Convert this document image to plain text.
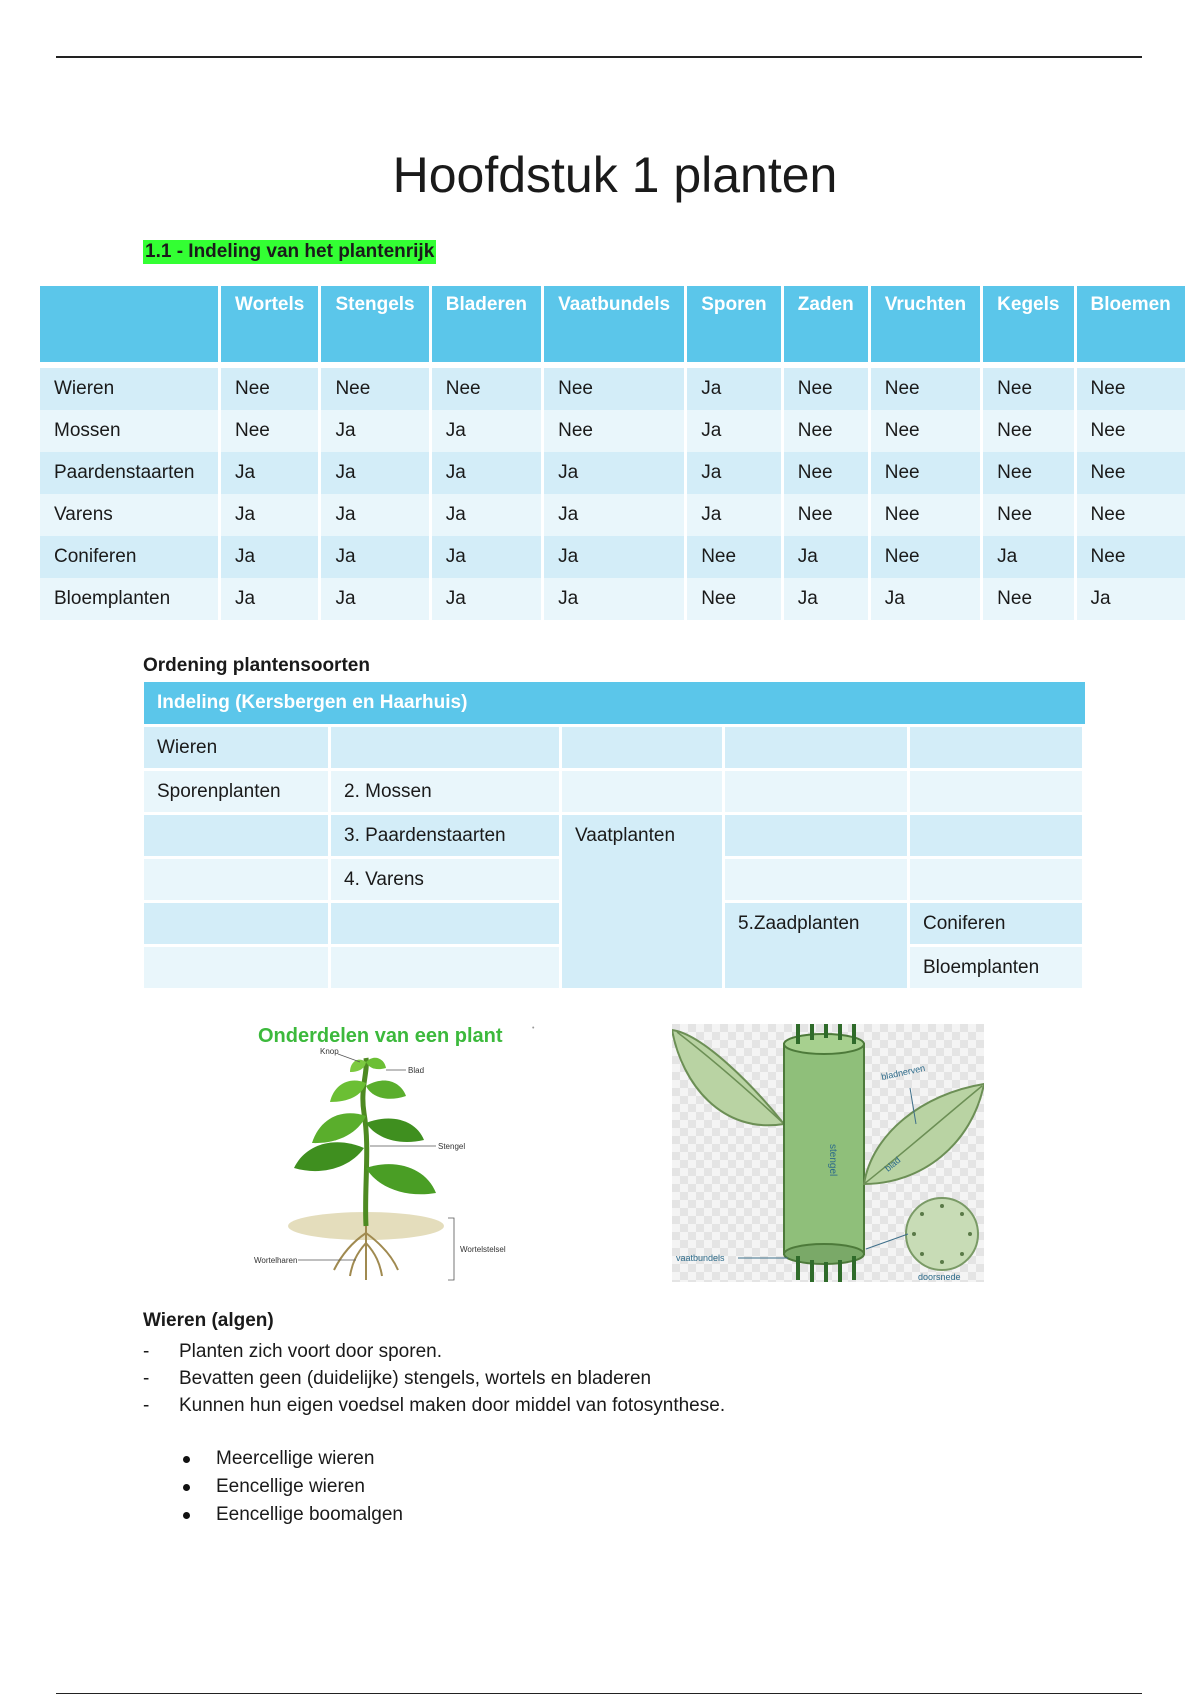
Hoofdstuk 1 planten
1.1 - Indeling van het plantenrijk
	Wortels	Stengels	Bladeren	Vaatbundels	Sporen	Zaden	Vruchten	Kegels	Bloemen
Wieren	Nee	Nee	Nee	Nee	Ja	Nee	Nee	Nee	Nee
Mossen	Nee	Ja	Ja	Nee	Ja	Nee	Nee	Nee	Nee
Paardenstaarten	Ja	Ja	Ja	Ja	Ja	Nee	Nee	Nee	Nee
Varens	Ja	Ja	Ja	Ja	Ja	Nee	Nee	Nee	Nee
Coniferen	Ja	Ja	Ja	Ja	Nee	Ja	Nee	Ja	Nee
Bloemplanten	Ja	Ja	Ja	Ja	Nee	Ja	Ja	Nee	Ja
Ordening plantensoorten
Indeling (Kersbergen en Haarhuis)				
Wieren				
Sporenplanten	2. Mossen			
	3. Paardenstaarten	Vaatplanten		
	4. Varens			
			5.Zaadplanten	Coniferen
				Bloemplanten
Onderdelen van een plant	•
Knop
Blad
Stengel
Wortelharen
Wortelstelsel
stengel	blad
bladnerven
doorsnede
vaatbundels
Wieren (algen)
- Planten zich voort door sporen.
- Bevatten geen (duidelijke) stengels, wortels en bladeren
- Kunnen hun eigen voedsel maken door middel van fotosynthese.
Meercellige wieren
Eencellige wieren
Eencellige boomalgen
